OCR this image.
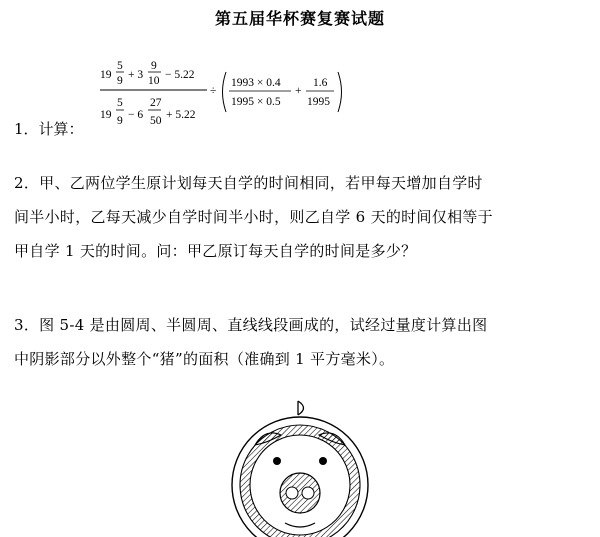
第五届华杯赛复赛试题
1．计算：
19
5
9 + 3
9
10 − 5.22
19
5
9 − 6
27
50 + 5.22
÷
1993 × 0.4
1995 × 0.5
+
1.6
1995
2．甲、乙两位学生原计划每天自学的时间相同，若甲每天增加自学时
间半小时，乙每天减少自学时间半小时，则乙自学 6 天的时间仅相等于
甲自学 1 天的时间。问：甲乙原订每天自学的时间是多少？
3．图 5-4 是由圆周、半圆周、直线线段画成的，试经过量度计算出图
中阴影部分以外整个“猪”的面积（准确到 1 平方毫米）。
